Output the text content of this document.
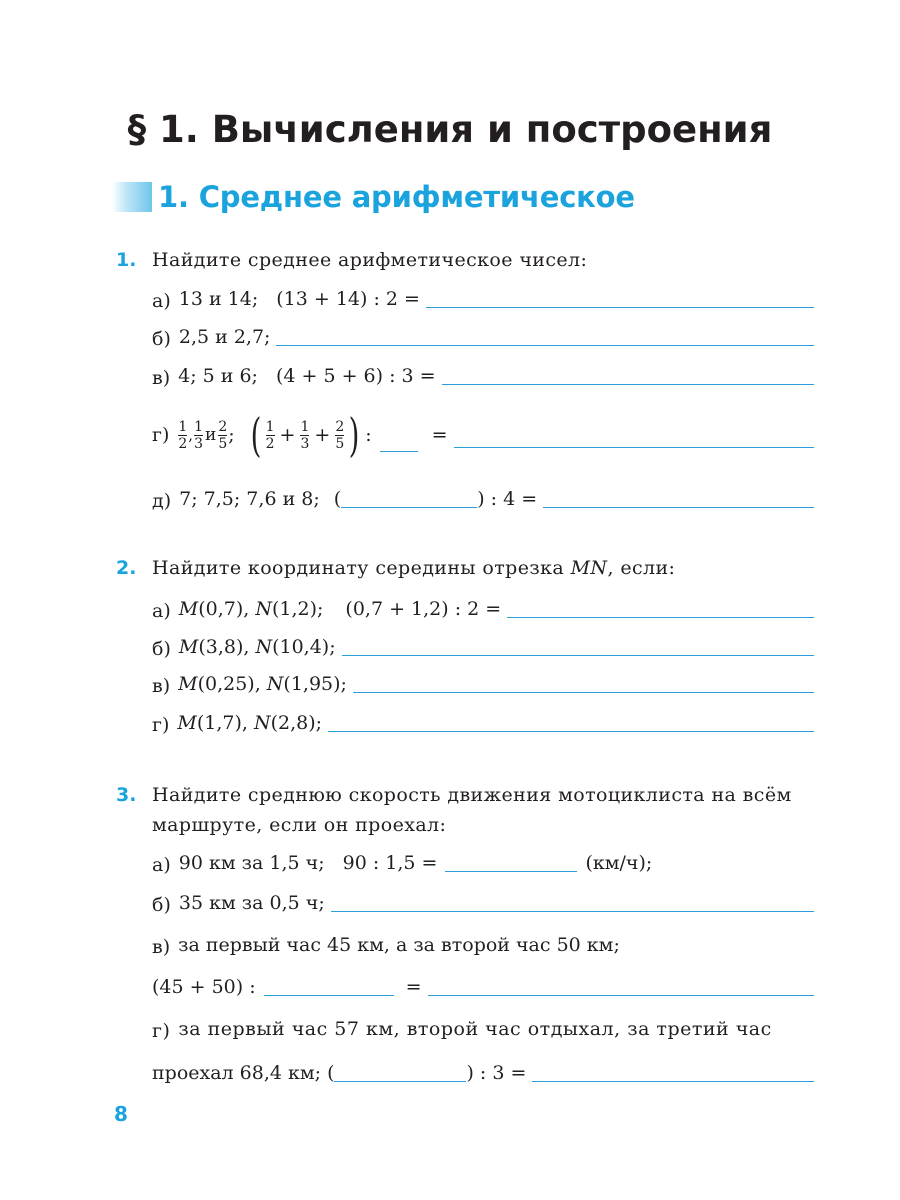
§ 1. Вычисления и построения
1. Среднее арифметическое
1. Найдите среднее арифметическое чисел:
а) 13 и 14; (13 + 14) : 2 =
б) 2,5 и 2,7;
в) 4; 5 и 6; (4 + 5 + 6) : 3 =
$г) \frac{1}{2}$ , $\frac{1}{3}$ и $\frac{2}{5}$ ; ( $\frac{1}{2} + \frac{1}{3} + \frac{2}{5}$ ) :	=
д) 7; 7,5; 7,6 и 8; (	) : 4 =
2. Найдите координату середины отрезка MN, если:
а) M(0,7), N(1,2); (0,7 + 1,2) : 2 =
б) M(3,8), N(10,4);
в) M(0,25), N(1,95);
г) M(1,7), N(2,8);
3. Найдите среднюю скорость движения мотоциклиста на всём
маршруте, если он проехал:
а) 90 км за 1,5 ч; 90 : 1,5 =	(км/ч);
б) 35 км за 0,5 ч;
в) за первый час 45 км, а за второй час 50 км;
(45 + 50) :	=
г) за первый час 57 км, второй час отдыхал, за третий час
проехал 68,4 км; (	) : 3 =
8
